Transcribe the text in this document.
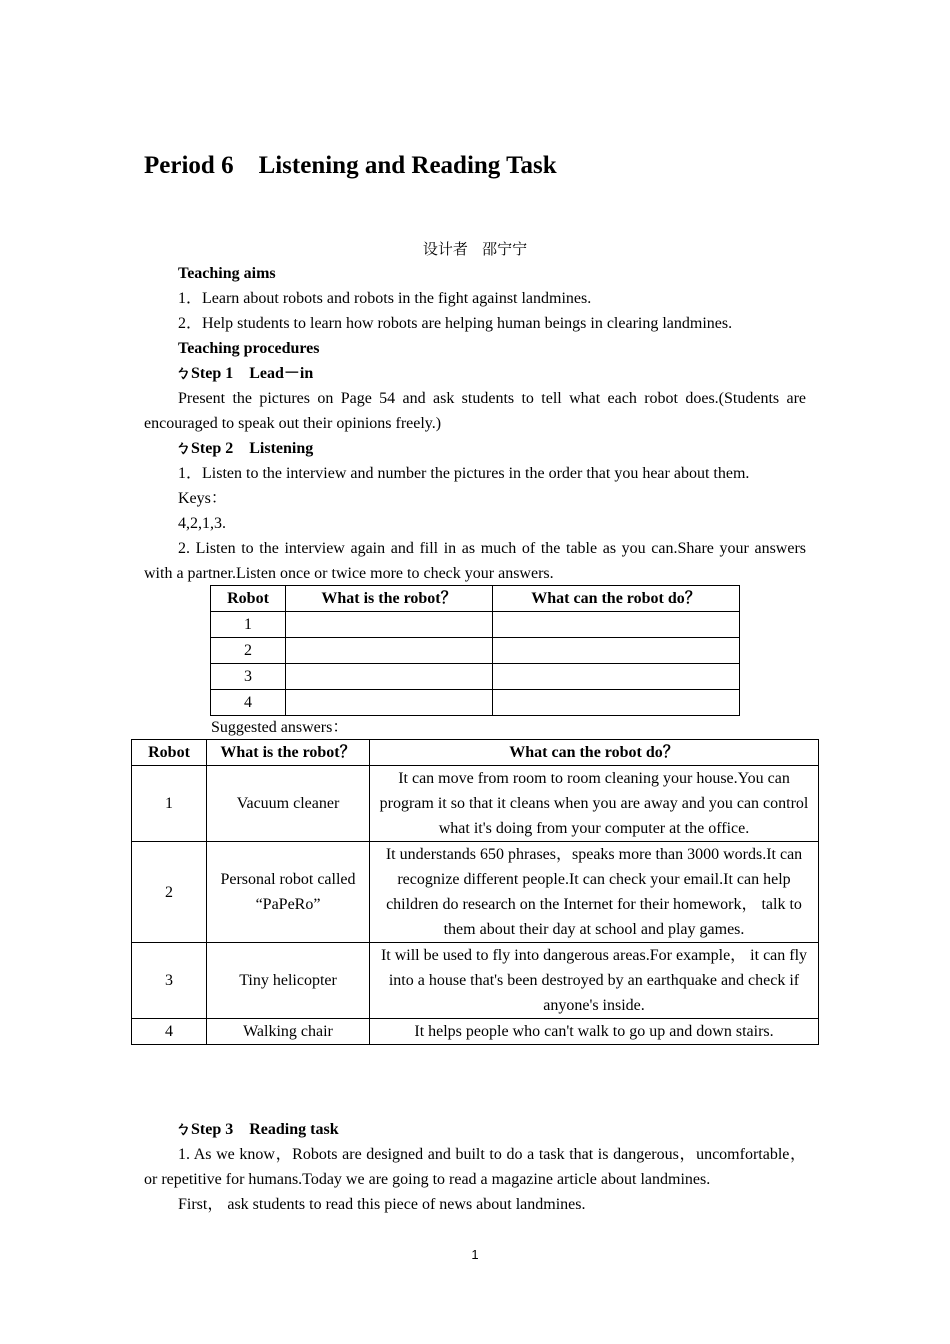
Period 6    Listening and Reading Task
设计者   邵宁宁
Teaching aims
1．Learn about robots and robots in the fight against landmines.
2．Help students to learn how robots are helping human beings in clearing landmines.
Teaching procedures
ㄅStep 1    Lead－in
Present the pictures on Page 54 and ask students to tell what each robot does.(Students are encouraged to speak out their opinions freely.)
ㄅStep 2    Listening
1．Listen to the interview and number the pictures in the order that you hear about them.
Keys：
4,2,1,3.
2. Listen to the interview again and fill in as much of the table as you can.Share your answers with a partner.Listen once or twice more to check your answers.
Robot	What is the robot？	What can the robot do？
1		
2		
3		
4		
Suggested answers：
Robot	What is the robot？	What can the robot do？
1	Vacuum cleaner	It can move from room to room cleaning your house.You can program it so that it cleans when you are away and you can control what it's doing from your computer at the office.
2	Personal robot called “PaPeRo”	It understands 650 phrases，speaks more than 3000 words.It can recognize different people.It can check your email.It can help children do research on the Internet for their homework， talk to them about their day at school and play games.
3	Tiny helicopter	It will be used to fly into dangerous areas.For example， it can fly into a house that's been destroyed by an earthquake and check if anyone's inside.
4	Walking chair	It helps people who can't walk to go up and down stairs.
ㄅStep 3    Reading task
1. As we know，Robots are designed and built to do a task that is dangerous，uncomfortable，or repetitive for humans.Today we are going to read a magazine article about landmines.
First， ask students to read this piece of news about landmines.
1
